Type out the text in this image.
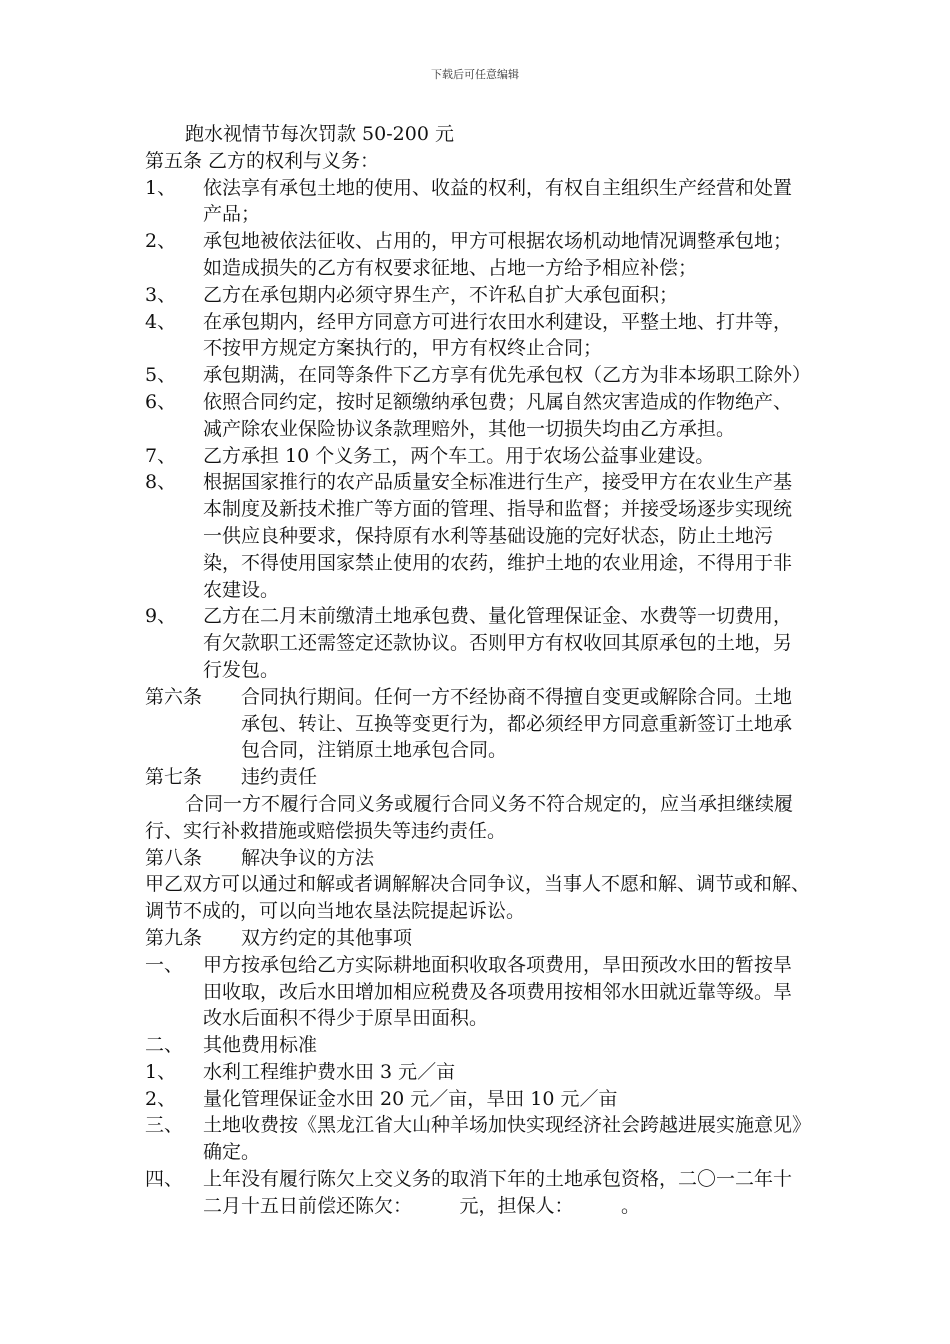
下载后可任意编辑
跑水视情节每次罚款 50-200 元
第五条 乙方的权利与义务：
1、	依法享有承包土地的使用、收益的权利，有权自主组织生产经营和处置产品；
2、	承包地被依法征收、占用的，甲方可根据农场机动地情况调整承包地；如造成损失的乙方有权要求征地、占地一方给予相应补偿；
3、	乙方在承包期内必须守界生产，不许私自扩大承包面积；
4、	在承包期内，经甲方同意方可进行农田水利建设，平整土地、打井等，不按甲方规定方案执行的，甲方有权终止合同；
5、	承包期满，在同等条件下乙方享有优先承包权（乙方为非本场职工除外）
6、	依照合同约定，按时足额缴纳承包费；凡属自然灾害造成的作物绝产、减产除农业保险协议条款理赔外，其他一切损失均由乙方承担。
7、	乙方承担 10 个义务工，两个车工。用于农场公益事业建设。
8、	根据国家推行的农产品质量安全标准进行生产，接受甲方在农业生产基本制度及新技术推广等方面的管理、指导和监督；并接受场逐步实现统一供应良种要求，保持原有水利等基础设施的完好状态，防止土地污染，不得使用国家禁止使用的农药，维护土地的农业用途，不得用于非农建设。
9、	乙方在二月末前缴清土地承包费、量化管理保证金、水费等一切费用，有欠款职工还需签定还款协议。否则甲方有权收回其原承包的土地，另行发包。
第六条	合同执行期间。任何一方不经协商不得擅自变更或解除合同。土地承包、转让、互换等变更行为，都必须经甲方同意重新签订土地承包合同，注销原土地承包合同。
第七条	违约责任
合同一方不履行合同义务或履行合同义务不符合规定的，应当承担继续履行、实行补救措施或赔偿损失等违约责任。
第八条	解决争议的方法
甲乙双方可以通过和解或者调解解决合同争议，当事人不愿和解、调节或和解、调节不成的，可以向当地农垦法院提起诉讼。
第九条	双方约定的其他事项
一、	甲方按承包给乙方实际耕地面积收取各项费用，旱田预改水田的暂按旱田收取，改后水田增加相应税费及各项费用按相邻水田就近靠等级。旱改水后面积不得少于原旱田面积。
二、	其他费用标准
1、	水利工程维护费水田 3 元／亩
2、	量化管理保证金水田 20 元／亩，旱田 10 元／亩
三、	土地收费按《黑龙江省大山种羊场加快实现经济社会跨越进展实施意见》确定。
四、	上年没有履行陈欠上交义务的取消下年的土地承包资格，二〇一二年十二月十五日前偿还陈欠：　　　元，担保人：　　　。
